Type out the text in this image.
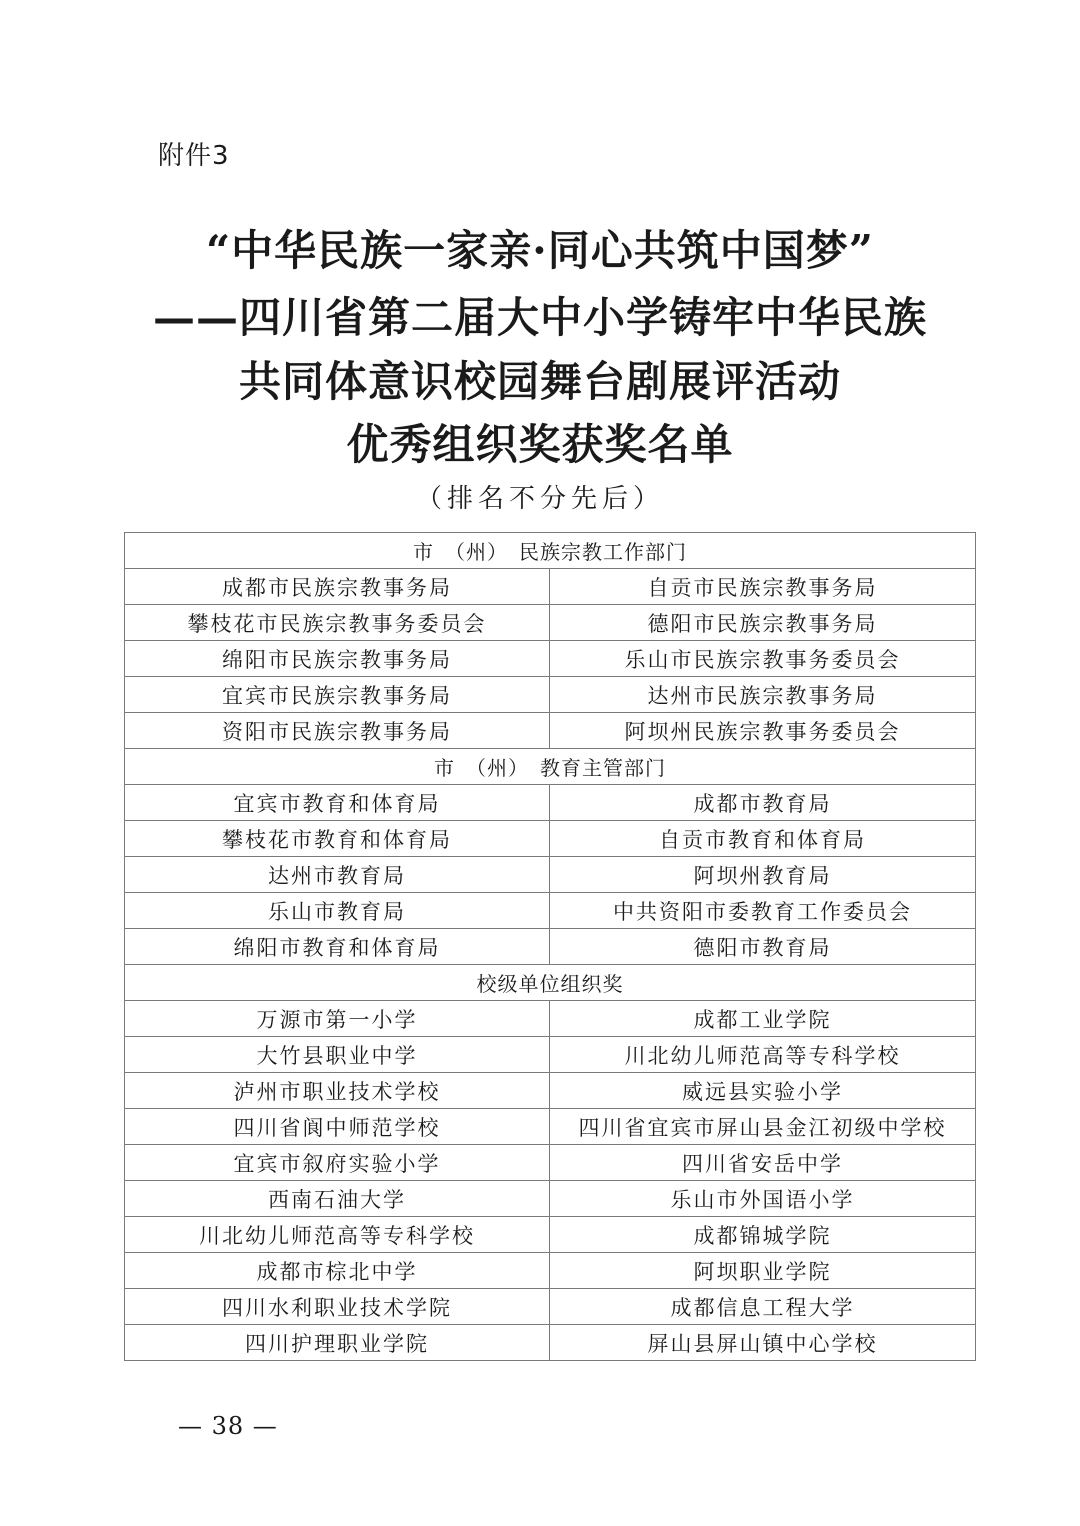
附件3
“中华民族一家亲·同心共筑中国梦”
——四川省第二届大中小学铸牢中华民族
共同体意识校园舞台剧展评活动
优秀组织奖获奖名单
（排名不分先后）
市　（州）　民族宗教工作部门	
成都市民族宗教事务局	自贡市民族宗教事务局
攀枝花市民族宗教事务委员会	德阳市民族宗教事务局
绵阳市民族宗教事务局	乐山市民族宗教事务委员会
宜宾市民族宗教事务局	达州市民族宗教事务局
资阳市民族宗教事务局	阿坝州民族宗教事务委员会
市　（州）　教育主管部门	
宜宾市教育和体育局	成都市教育局
攀枝花市教育和体育局	自贡市教育和体育局
达州市教育局	阿坝州教育局
乐山市教育局	中共资阳市委教育工作委员会
绵阳市教育和体育局	德阳市教育局
校级单位组织奖	
万源市第一小学	成都工业学院
大竹县职业中学	川北幼儿师范高等专科学校
泸州市职业技术学校	威远县实验小学
四川省阆中师范学校	四川省宜宾市屏山县金江初级中学校
宜宾市叙府实验小学	四川省安岳中学
西南石油大学	乐山市外国语小学
川北幼儿师范高等专科学校	成都锦城学院
成都市棕北中学	阿坝职业学院
四川水利职业技术学院	成都信息工程大学
四川护理职业学院	屏山县屏山镇中心学校
— 38 —
